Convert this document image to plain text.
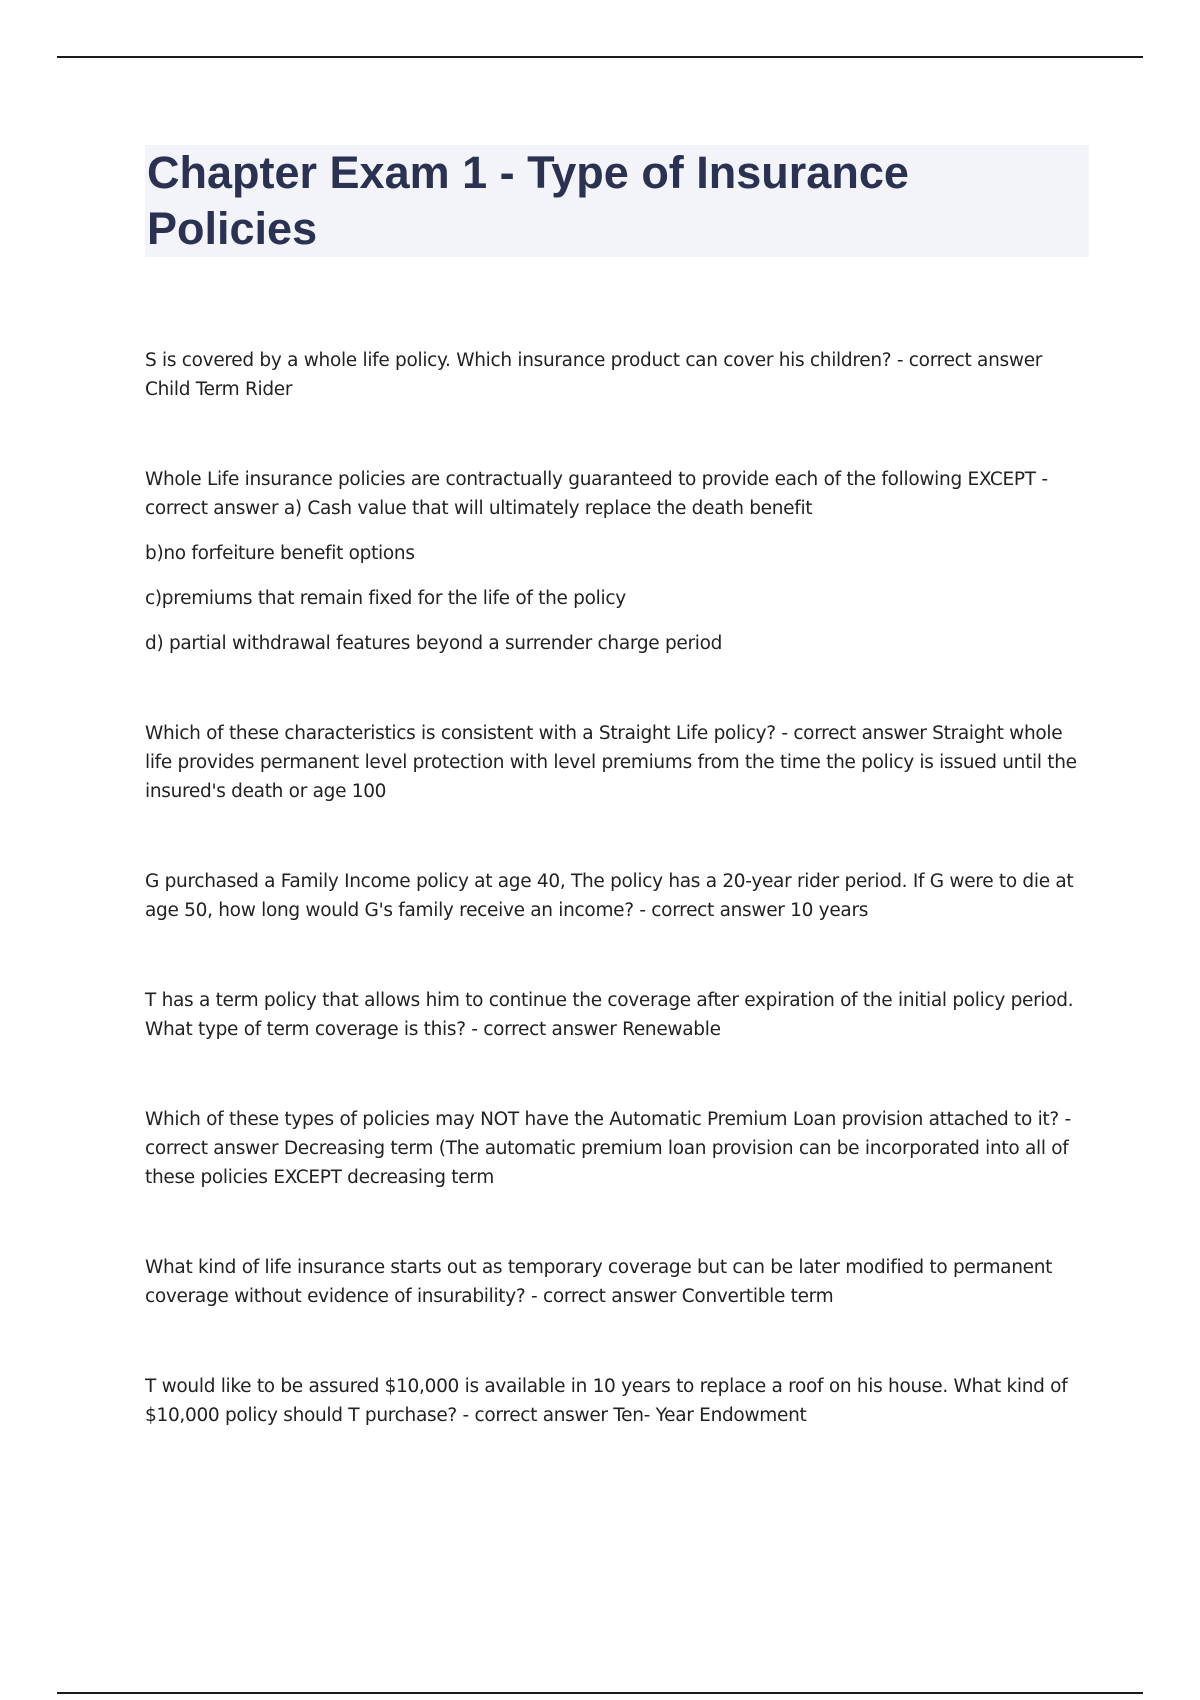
Chapter Exam 1 - Type of Insurance Policies

S is covered by a whole life policy. Which insurance product can cover his children? - correct answer Child Term Rider

Whole Life insurance policies are contractually guaranteed to provide each of the following EXCEPT - correct answer a) Cash value that will ultimately replace the death benefit

b)no forfeiture benefit options

c)premiums that remain fixed for the life of the policy

d) partial withdrawal features beyond a surrender charge period

Which of these characteristics is consistent with a Straight Life policy? - correct answer Straight whole life provides permanent level protection with level premiums from the time the policy is issued until the insured's death or age 100

G purchased a Family Income policy at age 40, The policy has a 20-year rider period. If G were to die at age 50, how long would G's family receive an income? - correct answer 10 years

T has a term policy that allows him to continue the coverage after expiration of the initial policy period. What type of term coverage is this? - correct answer Renewable

Which of these types of policies may NOT have the Automatic Premium Loan provision attached to it? - correct answer Decreasing term (The automatic premium loan provision can be incorporated into all of these policies EXCEPT decreasing term

What kind of life insurance starts out as temporary coverage but can be later modified to permanent coverage without evidence of insurability? - correct answer Convertible term

T would like to be assured $10,000 is available in 10 years to replace a roof on his house. What kind of $10,000 policy should T purchase? - correct answer Ten- Year Endowment
